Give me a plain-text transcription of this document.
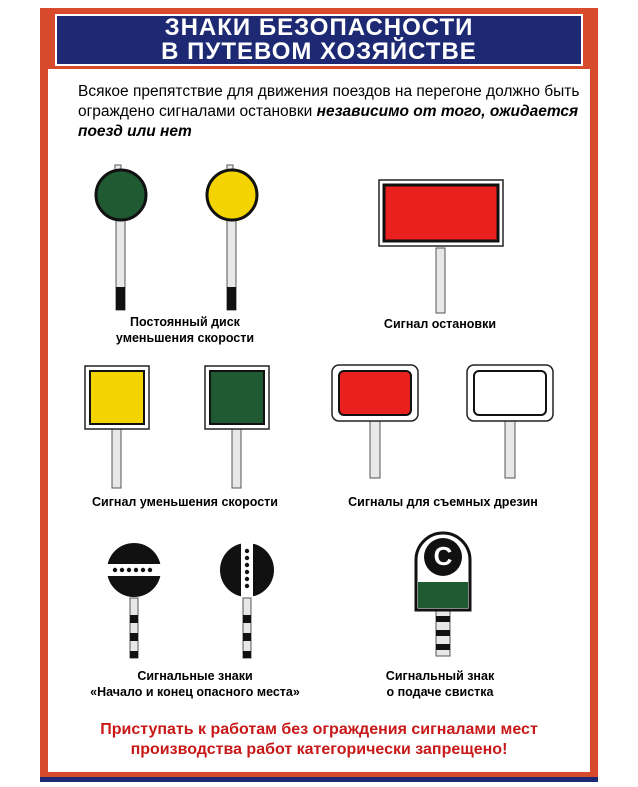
ЗНАКИ БЕЗОПАСНОСТИ
В ПУТЕВОМ ХОЗЯЙСТВЕ
Всякое препятствие для движения поездов на перегоне должно быть ограждено сигналами остановки независимо от того, ожидается поезд или нет
С
Постоянный диск
уменьшения скорости
Сигнал остановки
Сигнал уменьшения скорости	Сигналы для съемных дрезин
Сигнальные знаки
«Начало и конец опасного места»
Сигнальный знак
о подаче свистка
Приступать к работам без ограждения сигналами мест
производства работ категорически запрещено!
